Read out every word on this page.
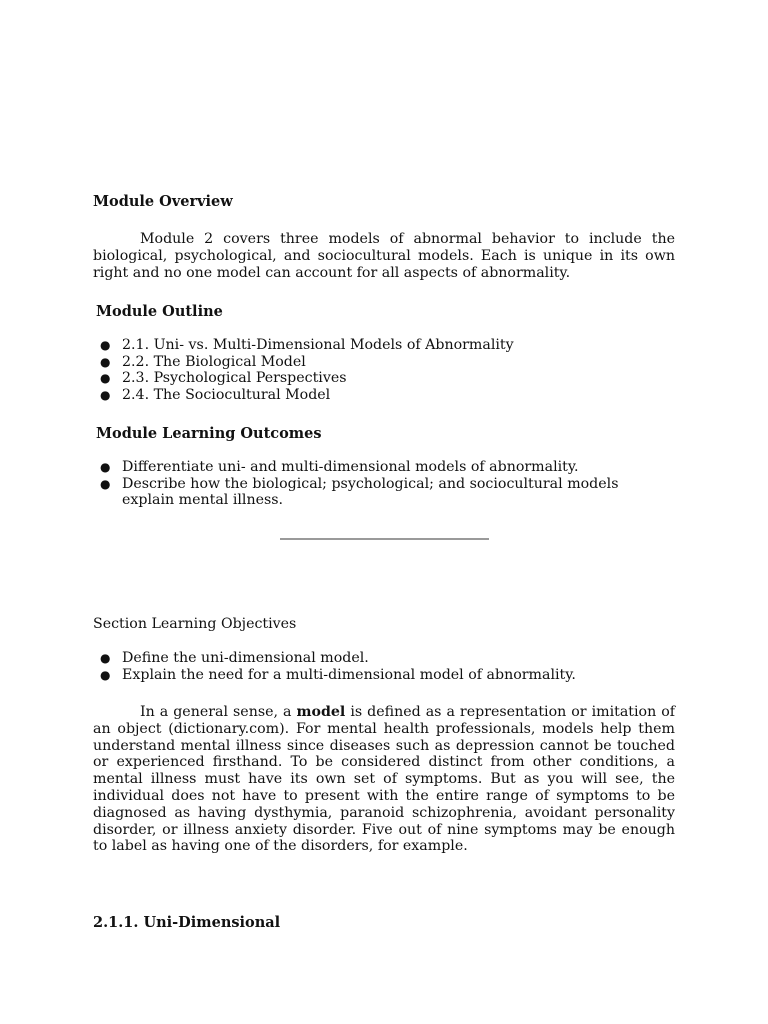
Module Overview

Module 2 covers three models of abnormal behavior to include the biological, psychological, and sociocultural models. Each is unique in its own right and no one model can account for all aspects of abnormality.

Module Outline

● 2.1. Uni- vs. Multi-Dimensional Models of Abnormality
● 2.2. The Biological Model
● 2.3. Psychological Perspectives
● 2.4. The Sociocultural Model

Module Learning Outcomes

● Differentiate uni- and multi-dimensional models of abnormality.
● Describe how the biological; psychological; and sociocultural models explain mental illness.

Section Learning Objectives

● Define the uni-dimensional model.
● Explain the need for a multi-dimensional model of abnormality.

In a general sense, a model is defined as a representation or imitation of an object (dictionary.com). For mental health professionals, models help them understand mental illness since diseases such as depression cannot be touched or experienced firsthand. To be considered distinct from other conditions, a mental illness must have its own set of symptoms. But as you will see, the individual does not have to present with the entire range of symptoms to be diagnosed as having dysthymia, paranoid schizophrenia, avoidant personality disorder, or illness anxiety disorder. Five out of nine symptoms may be enough to label as having one of the disorders, for example.

2.1.1. Uni-Dimensional
